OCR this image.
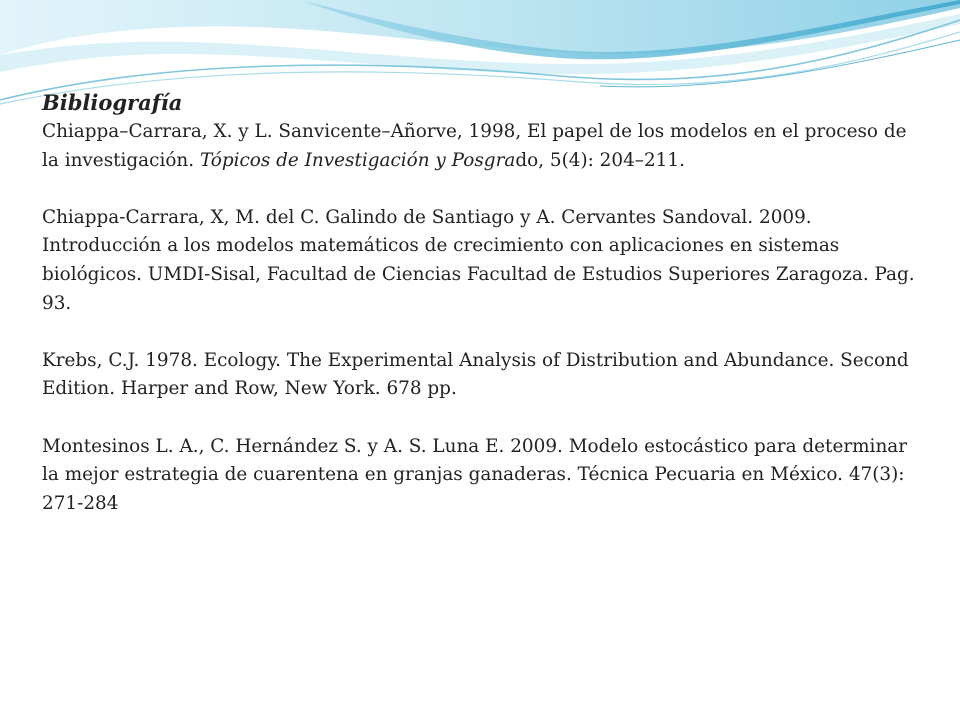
Bibliografía

Chiappa–Carrara, X. y L. Sanvicente–Añorve, 1998, El papel de los modelos en el proceso de la investigación. Tópicos de Investigación y Posgrado, 5(4): 204–211.

Chiappa-Carrara, X, M. del C. Galindo de Santiago y A. Cervantes Sandoval. 2009. Introducción a los modelos matemáticos de crecimiento con aplicaciones en sistemas biológicos. UMDI-Sisal, Facultad de Ciencias Facultad de Estudios Superiores Zaragoza. Pag. 93.

Krebs, C.J. 1978. Ecology. The Experimental Analysis of Distribution and Abundance. Second Edition. Harper and Row, New York. 678 pp.

Montesinos L. A., C. Hernández S. y A. S. Luna E. 2009. Modelo estocástico para determinar la mejor estrategia de cuarentena en granjas ganaderas. Técnica Pecuaria en México. 47(3): 271-284
